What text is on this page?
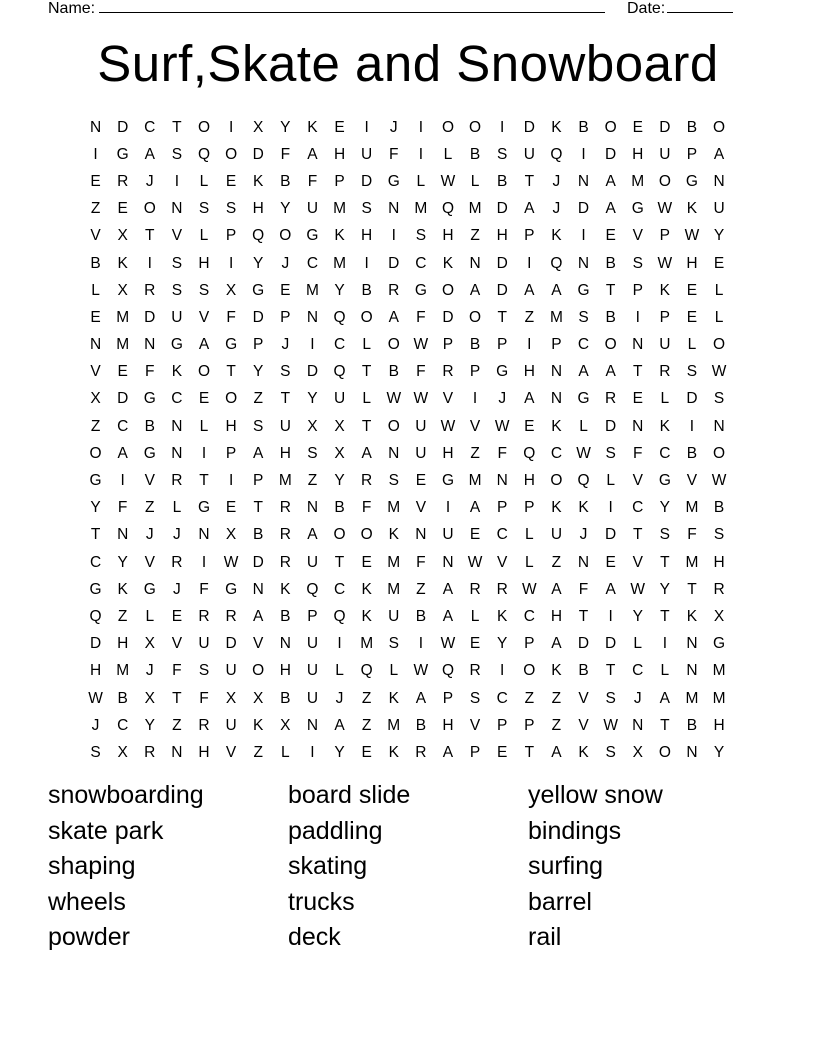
Name:	Date:
Surf,Skate and Snowboard
N	D	C	T	O	I	X	Y	K	E	I	J	I	O O	I	D	K	B	O	E	D	B	O
I	G	A	S	Q O D	F	A	H	U	F	I	L	B	S	U Q	I	D	H	U	P	A
E	R	J	I	L	E	K	B	F	P	D G	L W L	B	T	J	N	A M O G N
Z	E	O N	S	S	H	Y	U M S	N M Q M D	A	J	D	A	G W K	U
V	X	T	V	L	P	Q O G	K	H	I	S	H	Z	H	P	K	I	E	V	P W Y
B	K	I	S	H	I	Y	J	C M	I	D	C	K	N	D	I	Q N	B	S W H	E
L	X	R	S	S	X	G	E M Y	B	R G O	A	D	A	A	G	T	P	K	E	L
E M D	U	V	F	D	P	N Q O	A	F	D O	T	Z	M S	B	I	P	E	L
N M N G	A	G	P	J	I	C	L	O W P	B	P	I	P	C O N	U	L	O
V	E	F	K	O	T	Y	S	D Q	T	B	F	R	P	G H	N	A	A	T	R	S W
X	D G C	E	O	Z	T	Y	U	L W W V	I	J	A	N G R	E	L	D	S
Z	C	B	N	L	H	S	U	X	X	T	O U W V W E	K	L	D	N	K	I	N
O	A	G N	I	P	A	H	S	X	A	N	U	H	Z	F	Q C W S	F	C	B	O
G	I	V	R	T	I	P M	Z	Y	R	S	E	G M N	H O Q	L	V	G	V W
Y	F	Z	L	G	E	T	R	N	B	F	M V	I	A	P	P	K	K	I	C	Y M B
T	N	J	J	N	X	B	R	A	O O	K	N	U	E	C	L	U	J	D	T	S	F	S
C	Y	V	R	I	W D	R	U	T	E M	F	N W V	L	Z	N	E	V	T	M H
G	K	G	J	F	G N	K	Q C	K M	Z	A	R	R W A	F	A W Y	T	R
Q	Z	L	E	R	R	A	B	P	Q	K	U	B	A	L	K	C	H	T	I	Y	T	K	X
D	H	X	V	U	D	V	N	U	I	M S	I	W E	Y	P	A	D	D	L	I	N G
H M	J	F	S	U O H	U	L	Q	L W Q R	I	O	K	B	T	C	L	N M
W B	X	T	F	X	X	B	U	J	Z	K	A	P	S	C	Z	Z	V	S	J	A M M
J	C	Y	Z	R	U	K	X	N	A	Z	M B	H	V	P	P	Z	V W N	T	B	H
S	X	R	N	H	V	Z	L	I	Y	E	K	R	A	P	E	T	A	K	S	X	O N	Y
snowboarding	board slide	yellow snow
skate park	paddling	bindings
shaping	skating	surfing
wheels	trucks	barrel
powder	deck	rail
